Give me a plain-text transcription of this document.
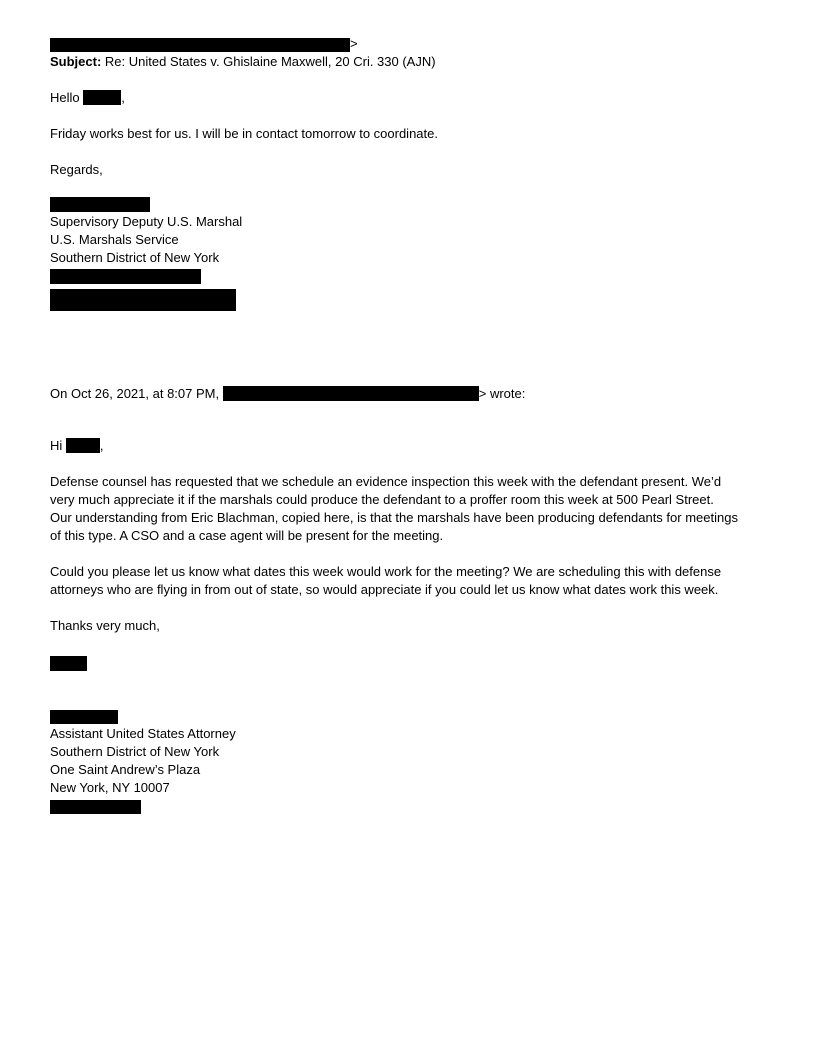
>
Subject: Re: United States v. Ghislaine Maxwell, 20 Cri. 330 (AJN)
Hello	,
Friday works best for us. I will be in contact tomorrow to coordinate.
Regards,
Supervisory Deputy U.S. Marshal
U.S. Marshals Service
Southern District of New York
On Oct 26, 2021, at 8:07 PM,	> wrote:
Hi	,
Defense counsel has requested that we schedule an evidence inspection this week with the defendant present. We’d
very much appreciate it if the marshals could produce the defendant to a proffer room this week at 500 Pearl Street.
Our understanding from Eric Blachman, copied here, is that the marshals have been producing defendants for meetings
of this type. A CSO and a case agent will be present for the meeting.
Could you please let us know what dates this week would work for the meeting? We are scheduling this with defense
attorneys who are flying in from out of state, so would appreciate if you could let us know what dates work this week.
Thanks very much,
Assistant United States Attorney
Southern District of New York
One Saint Andrew’s Plaza
New York, NY 10007
